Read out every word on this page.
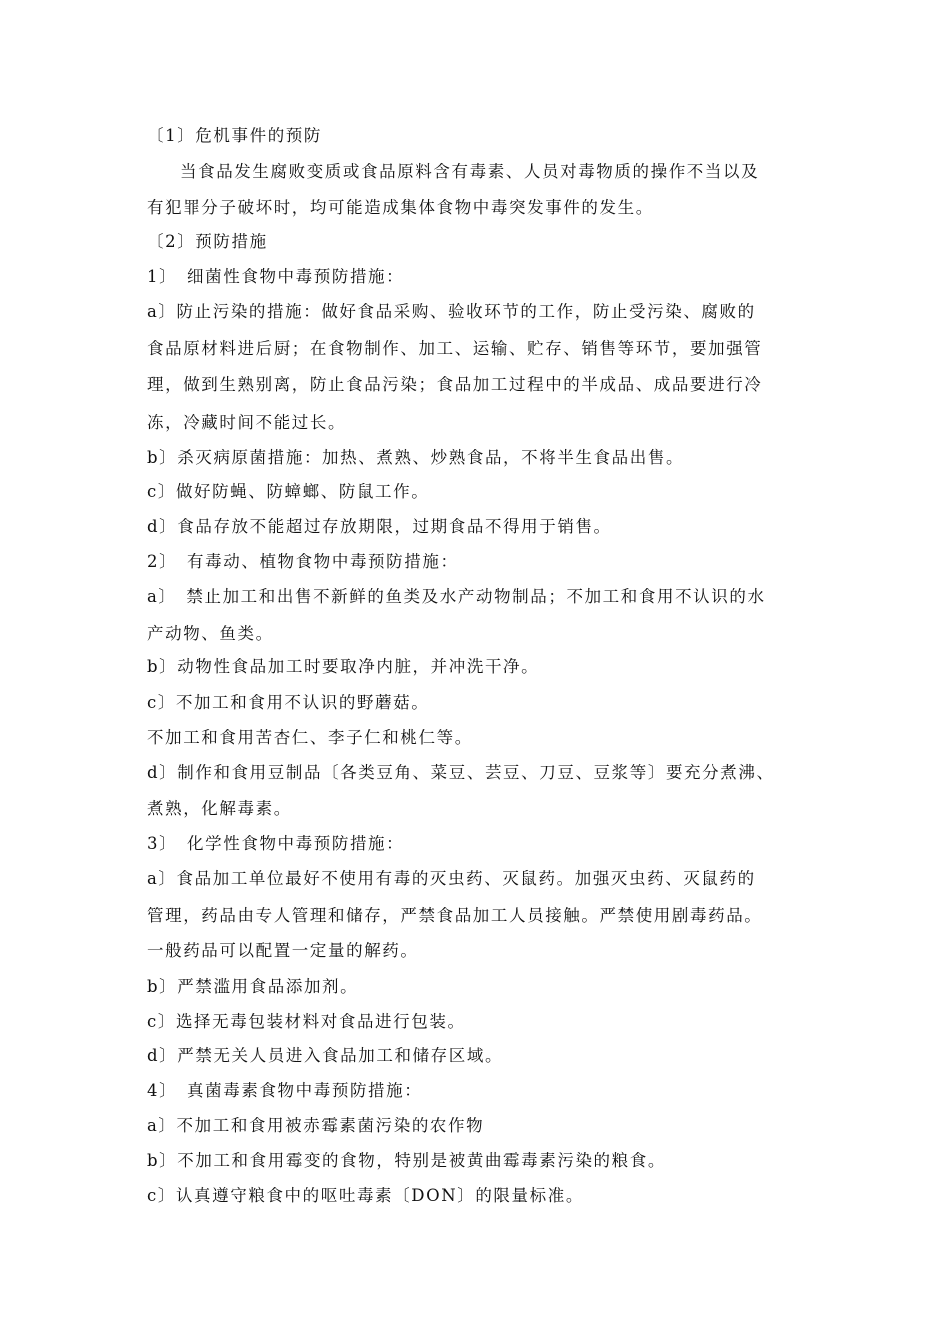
〔1〕危机事件的预防
当食品发生腐败变质或食品原料含有毒素、人员对毒物质的操作不当以及
有犯罪分子破坏时，均可能造成集体食物中毒突发事件的发生。
〔2〕预防措施
1〕　细菌性食物中毒预防措施：
a〕防止污染的措施：做好食品采购、验收环节的工作，防止受污染、腐败的
食品原材料进后厨；在食物制作、加工、运输、贮存、销售等环节，要加强管
理，做到生熟别离，防止食品污染；食品加工过程中的半成品、成品要进行冷
冻，冷藏时间不能过长。
b〕杀灭病原菌措施：加热、煮熟、炒熟食品，不将半生食品出售。
c〕做好防蝇、防蟑螂、防鼠工作。
d〕食品存放不能超过存放期限，过期食品不得用于销售。
2〕　有毒动、植物食物中毒预防措施：
a〕　禁止加工和出售不新鲜的鱼类及水产动物制品；不加工和食用不认识的水
产动物、鱼类。
b〕动物性食品加工时要取净内脏，并冲洗干净。
c〕不加工和食用不认识的野蘑菇。
不加工和食用苦杏仁、李子仁和桃仁等。
d〕制作和食用豆制品〔各类豆角、菜豆、芸豆、刀豆、豆浆等〕要充分煮沸、
煮熟，化解毒素。
3〕　化学性食物中毒预防措施：
a〕食品加工单位最好不使用有毒的灭虫药、灭鼠药。加强灭虫药、灭鼠药的
管理，药品由专人管理和储存，严禁食品加工人员接触。严禁使用剧毒药品。
一般药品可以配置一定量的解药。
b〕严禁滥用食品添加剂。
c〕选择无毒包装材料对食品进行包装。
d〕严禁无关人员进入食品加工和储存区域。
4〕　真菌毒素食物中毒预防措施：
a〕不加工和食用被赤霉素菌污染的农作物
b〕不加工和食用霉变的食物，特别是被黄曲霉毒素污染的粮食。
c〕认真遵守粮食中的呕吐毒素〔DON〕的限量标准。
